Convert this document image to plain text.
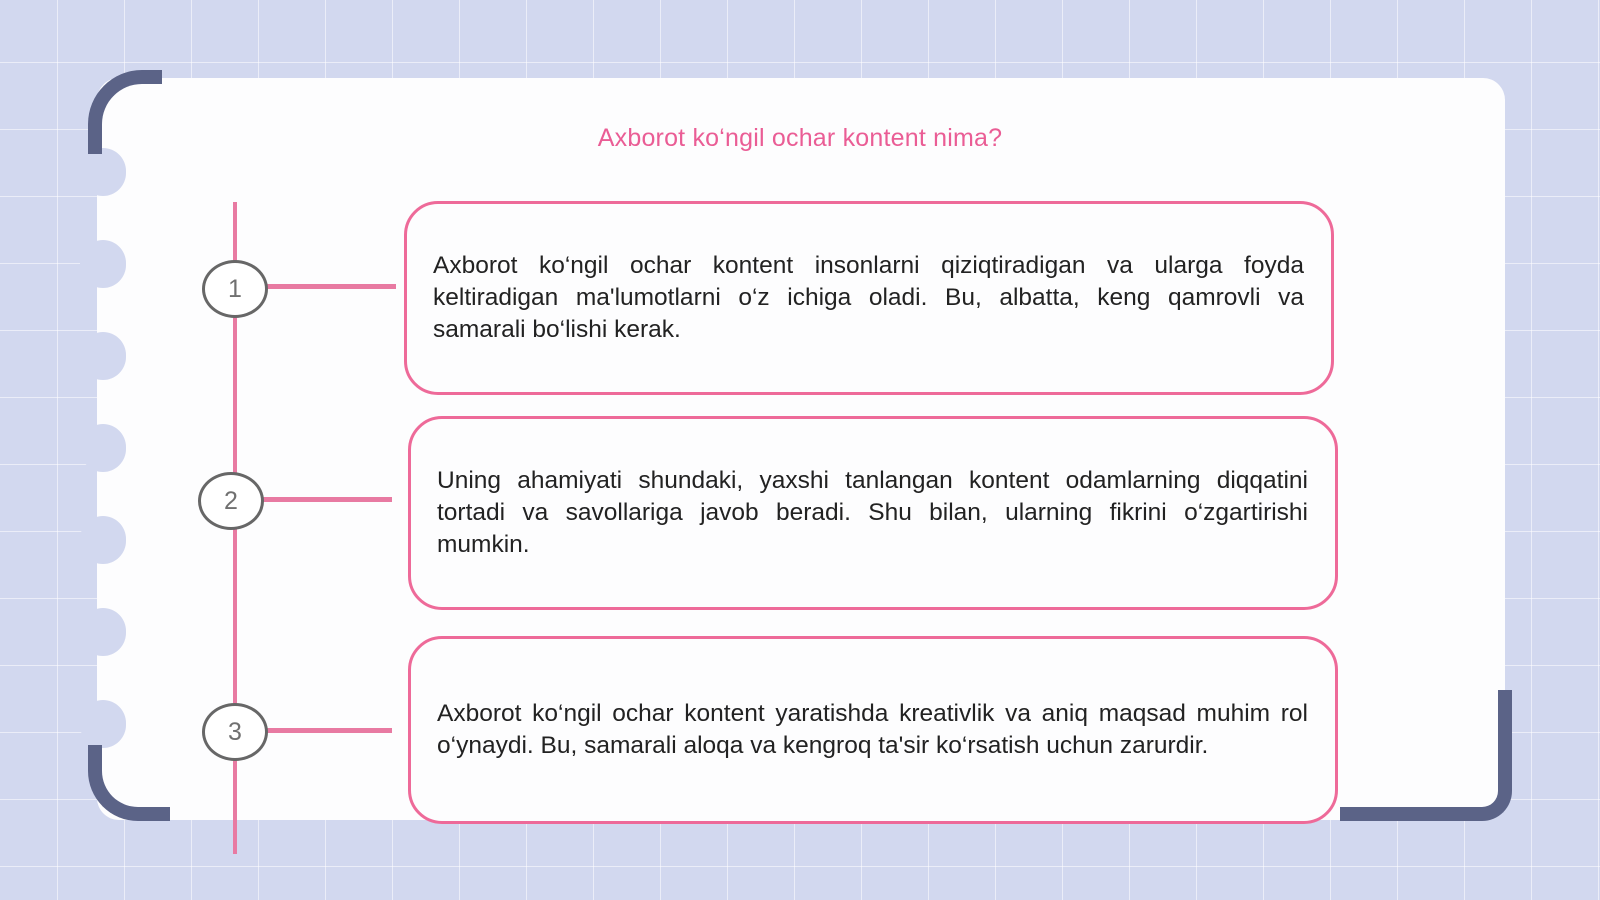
Axborot ko‘ngil ochar kontent nima?
1
2
3

Axborot ko‘ngil ochar kontent insonlarni qiziqtiradigan va ularga foyda keltiradigan ma'lumotlarni o‘z ichiga oladi. Bu, albatta, keng qamrovli va samarali bo‘lishi kerak.

Uning ahamiyati shundaki, yaxshi tanlangan kontent odamlarning diqqatini tortadi va savollariga javob beradi. Shu bilan, ularning fikrini o‘zgartirishi mumkin.

Axborot ko‘ngil ochar kontent yaratishda kreativlik va aniq maqsad muhim rol o‘ynaydi. Bu, samarali aloqa va kengroq ta'sir ko‘rsatish uchun zarurdir.
